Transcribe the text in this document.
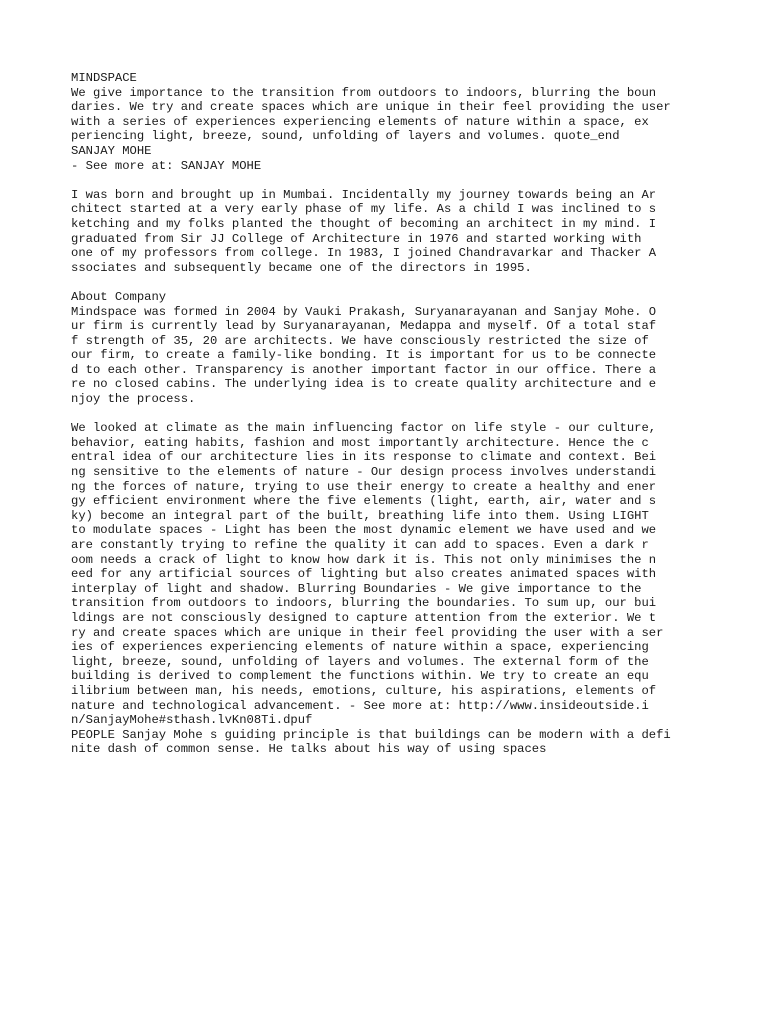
MINDSPACE
We give importance to the transition from outdoors to indoors, blurring the boun
daries. We try and create spaces which are unique in their feel providing the user
with a series of experiences experiencing elements of nature within a space, ex
periencing light, breeze, sound, unfolding of layers and volumes. quote_end
SANJAY MOHE
- See more at: SANJAY MOHE
I was born and brought up in Mumbai. Incidentally my journey towards being an Ar
chitect started at a very early phase of my life. As a child I was inclined to s
ketching and my folks planted the thought of becoming an architect in my mind. I
graduated from Sir JJ College of Architecture in 1976 and started working with
one of my professors from college. In 1983, I joined Chandravarkar and Thacker A
ssociates and subsequently became one of the directors in 1995.
About Company
Mindspace was formed in 2004 by Vauki Prakash, Suryanarayanan and Sanjay Mohe. O
ur firm is currently lead by Suryanarayanan, Medappa and myself. Of a total staf
f strength of 35, 20 are architects. We have consciously restricted the size of
our firm, to create a family-like bonding. It is important for us to be connecte
d to each other. Transparency is another important factor in our office. There a
re no closed cabins. The underlying idea is to create quality architecture and e
njoy the process.
We looked at climate as the main influencing factor on life style - our culture,
behavior, eating habits, fashion and most importantly architecture. Hence the c
entral idea of our architecture lies in its response to climate and context. Bei
ng sensitive to the elements of nature - Our design process involves understandi
ng the forces of nature, trying to use their energy to create a healthy and ener
gy efficient environment where the five elements (light, earth, air, water and s
ky) become an integral part of the built, breathing life into them. Using LIGHT
to modulate spaces - Light has been the most dynamic element we have used and we
are constantly trying to refine the quality it can add to spaces. Even a dark r
oom needs a crack of light to know how dark it is. This not only minimises the n
eed for any artificial sources of lighting but also creates animated spaces with
interplay of light and shadow. Blurring Boundaries - We give importance to the
transition from outdoors to indoors, blurring the boundaries. To sum up, our bui
ldings are not consciously designed to capture attention from the exterior. We t
ry and create spaces which are unique in their feel providing the user with a ser
ies of experiences experiencing elements of nature within a space, experiencing
light, breeze, sound, unfolding of layers and volumes. The external form of the
building is derived to complement the functions within. We try to create an equ
ilibrium between man, his needs, emotions, culture, his aspirations, elements of
nature and technological advancement. - See more at: http://www.insideoutside.i
n/SanjayMohe#sthash.lvKn08Ti.dpuf
PEOPLE Sanjay Mohe s guiding principle is that buildings can be modern with a defi
nite dash of common sense. He talks about his way of using spaces
